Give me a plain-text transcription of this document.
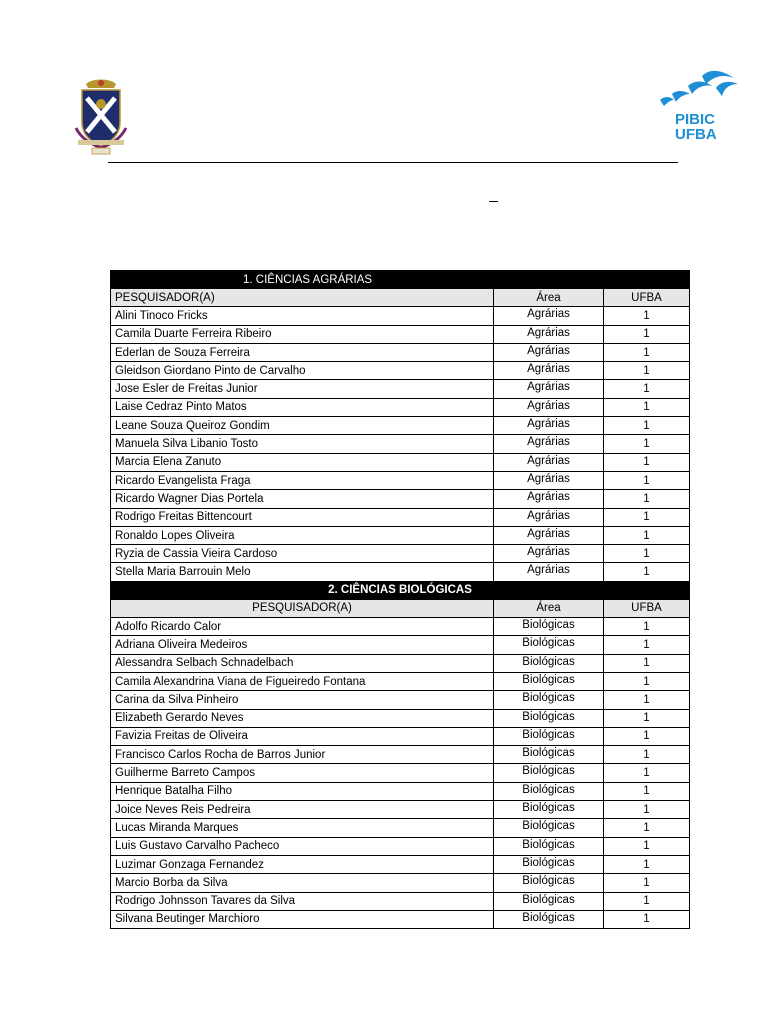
PIBIC
UFBA
1. CIÊNCIAS AGRÁRIAS		
PESQUISADOR(A)	Área	UFBA
Alini Tinoco Fricks	Agrárias	1
Camila Duarte Ferreira Ribeiro	Agrárias	1
Ederlan de Souza Ferreira	Agrárias	1
Gleidson Giordano Pinto de Carvalho	Agrárias	1
Jose Esler de Freitas Junior	Agrárias	1
Laise Cedraz Pinto Matos	Agrárias	1
Leane Souza Queiroz Gondim	Agrárias	1
Manuela Silva Libanio Tosto	Agrárias	1
Marcia Elena Zanuto	Agrárias	1
Ricardo Evangelista Fraga	Agrárias	1
Ricardo Wagner Dias Portela	Agrárias	1
Rodrigo Freitas Bittencourt	Agrárias	1
Ronaldo Lopes Oliveira	Agrárias	1
Ryzia de Cassia Vieira Cardoso	Agrárias	1
Stella Maria Barrouin Melo	Agrárias	1
2. CIÊNCIAS BIOLÓGICAS		
PESQUISADOR(A)	Área	UFBA
Adolfo Ricardo Calor	Biológicas	1
Adriana Oliveira Medeiros	Biológicas	1
Alessandra Selbach Schnadelbach	Biológicas	1
Camila Alexandrina Viana de Figueiredo Fontana	Biológicas	1
Carina da Silva Pinheiro	Biológicas	1
Elizabeth Gerardo Neves	Biológicas	1
Favizia Freitas de Oliveira	Biológicas	1
Francisco Carlos Rocha de Barros Junior	Biológicas	1
Guilherme Barreto Campos	Biológicas	1
Henrique Batalha Filho	Biológicas	1
Joice Neves Reis Pedreira	Biológicas	1
Lucas Miranda Marques	Biológicas	1
Luis Gustavo Carvalho Pacheco	Biológicas	1
Luzimar Gonzaga Fernandez	Biológicas	1
Marcio Borba da Silva	Biológicas	1
Rodrigo Johnsson Tavares da Silva	Biológicas	1
Silvana Beutinger Marchioro	Biológicas	1
